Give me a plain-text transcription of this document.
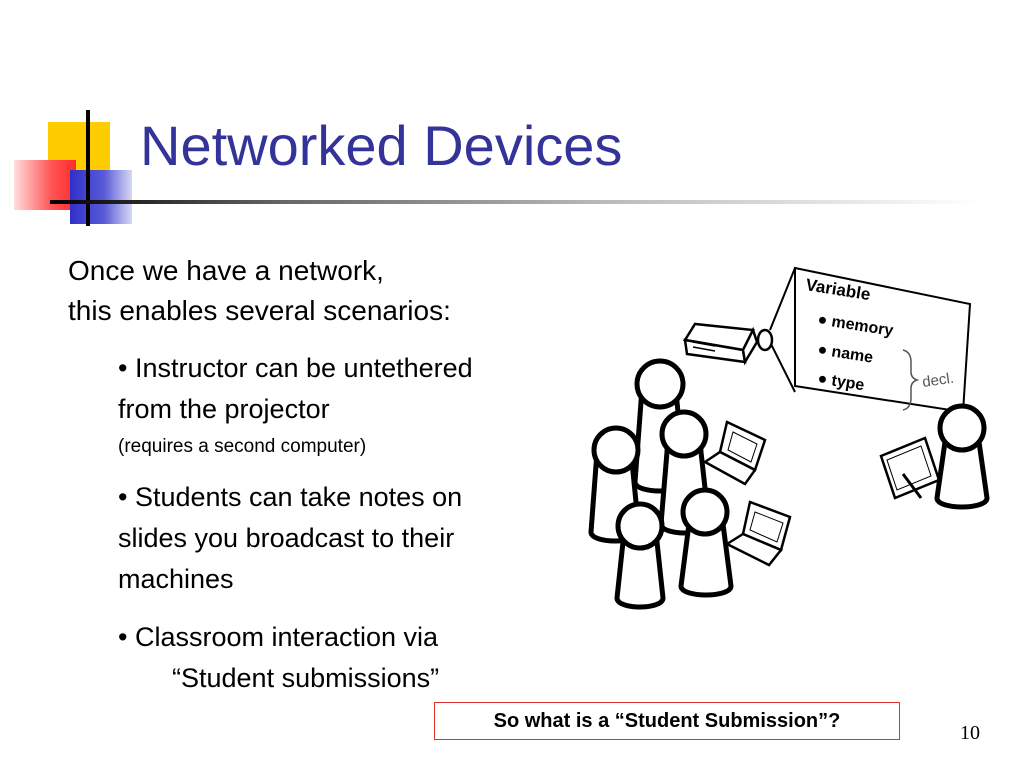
Networked Devices
Once we have a network,
this enables several scenarios:
• Instructor can be untethered
from the projector
(requires a second computer)
• Students can take notes on
slides you broadcast to their
machines
• Classroom interaction via
“Student submissions”
Variable
● memory
● name
● type	decl.
So what is a “Student Submission”?
10
